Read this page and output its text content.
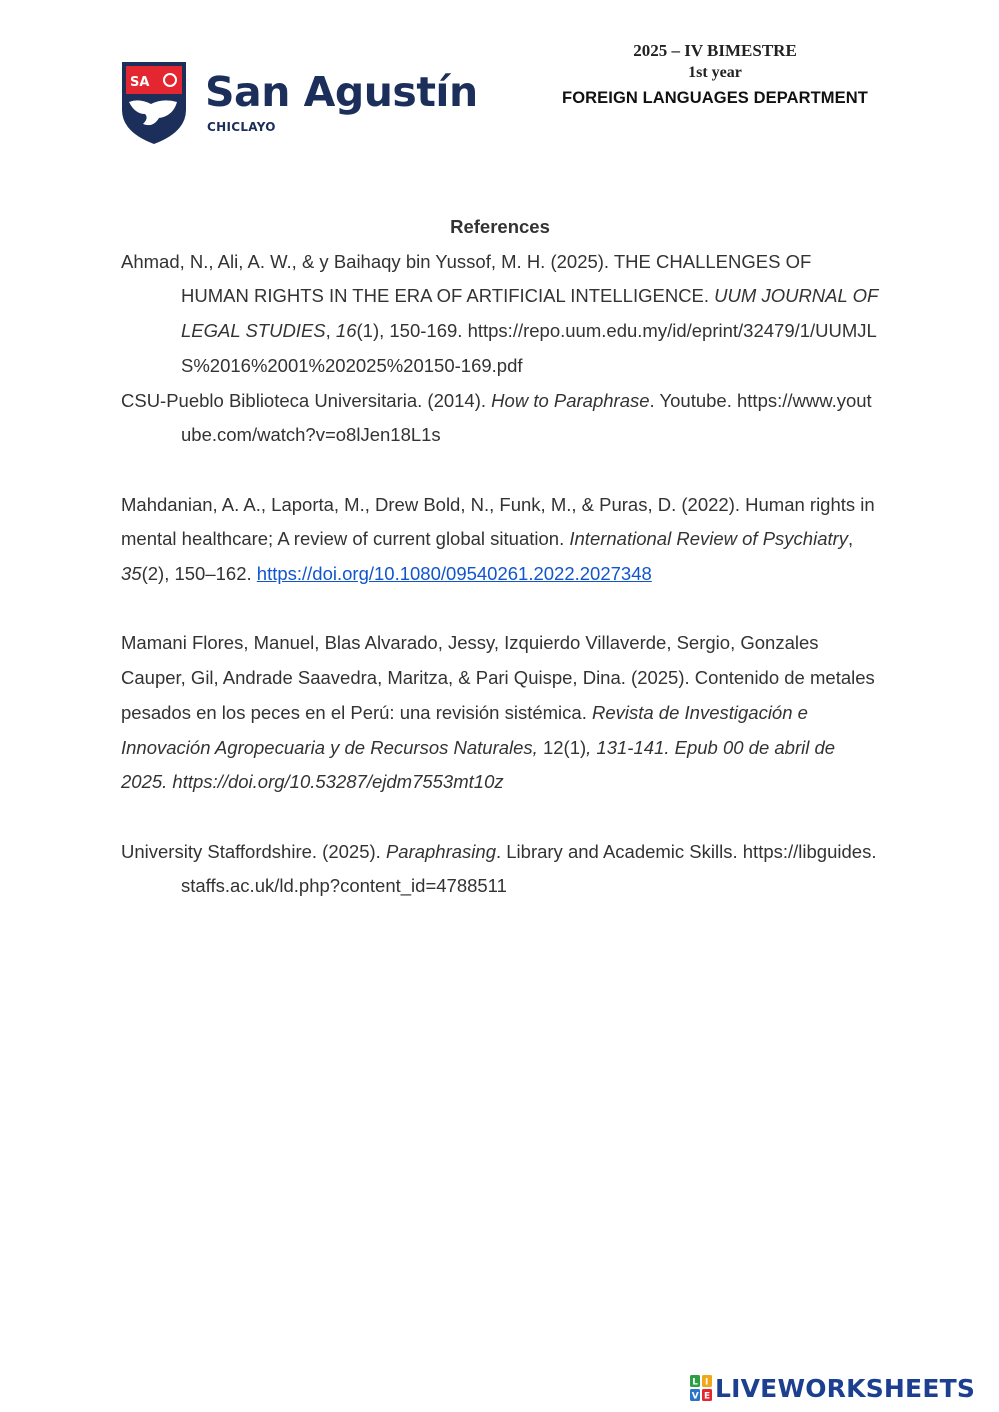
SA San Agustín
CHICLAYO
2025 – IV BIMESTRE
1st year
FOREIGN LANGUAGES DEPARTMENT

References

Ahmad, N., Ali, A. W., & y Baihaqy bin Yussof, M. H. (2025). THE CHALLENGES OF HUMAN RIGHTS IN THE ERA OF ARTIFICIAL INTELLIGENCE. UUM JOURNAL OF LEGAL STUDIES, 16(1), 150-169. https://repo.uum.edu.my/id/eprint/32479/1/UUMJLS%2016%2001%202025%20150-169.pdf

CSU-Pueblo Biblioteca Universitaria. (2014). How to Paraphrase. Youtube. https://www.youtube.com/watch?v=o8lJen18L1s

Mahdanian, A. A., Laporta, M., Drew Bold, N., Funk, M., & Puras, D. (2022). Human rights in mental healthcare; A review of current global situation. International Review of Psychiatry, 35(2), 150–162. https://doi.org/10.1080/09540261.2022.2027348

Mamani Flores, Manuel, Blas Alvarado, Jessy, Izquierdo Villaverde, Sergio, Gonzales Cauper, Gil, Andrade Saavedra, Maritza, & Pari Quispe, Dina. (2025). Contenido de metales pesados en los peces en el Perú: una revisión sistémica. Revista de Investigación e Innovación Agropecuaria y de Recursos Naturales, 12(1), 131-141. Epub 00 de abril de 2025. https://doi.org/10.53287/ejdm7553mt10z

University Staffordshire. (2025). Paraphrasing. Library and Academic Skills. https://libguides.staffs.ac.uk/ld.php?content_id=4788511

L I
V E LIVEWORKSHEETS
